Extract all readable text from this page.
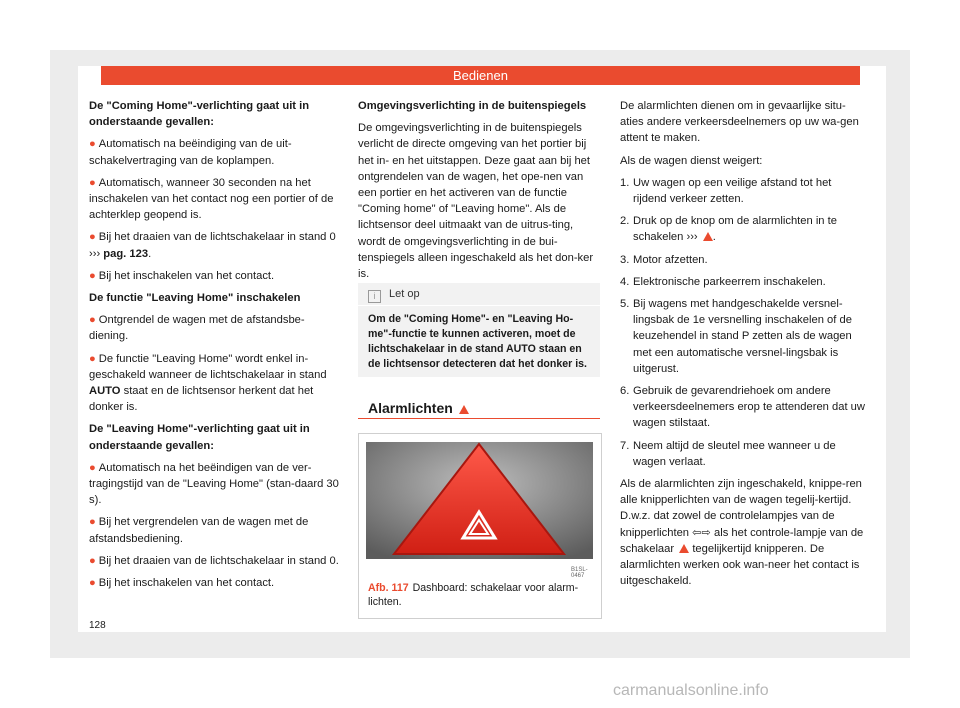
Bedienen

De "Coming Home"-verlichting gaat uit in onderstaande gevallen:

● Automatisch na beëindiging van de uit-schakelvertraging van de koplampen.

● Automatisch, wanneer 30 seconden na het inschakelen van het contact nog een portier of de achterklep geopend is.

● Bij het draaien van de lichtschakelaar in stand 0 ››› pag. 123.

● Bij het inschakelen van het contact.

De functie "Leaving Home" inschakelen

● Ontgrendel de wagen met de afstandsbe-diening.

● De functie "Leaving Home" wordt enkel in-geschakeld wanneer de lichtschakelaar in stand AUTO staat en de lichtsensor herkent dat het donker is.

De "Leaving Home"-verlichting gaat uit in onderstaande gevallen:

● Automatisch na het beëindigen van de ver-tragingstijd van de "Leaving Home" (stan-daard 30 s).

● Bij het vergrendelen van de wagen met de afstandsbediening.

● Bij het draaien van de lichtschakelaar in stand 0.

● Bij het inschakelen van het contact.

Omgevingsverlichting in de buitenspiegels

De omgevingsverlichting in de buitenspiegels verlicht de directe omgeving van het portier bij het in- en het uitstappen. Deze gaat aan bij het ontgrendelen van de wagen, het ope-nen van een portier en het activeren van de functie "Coming home" of "Leaving home". Als de lichtsensor deel uitmaakt van de uitrus-ting, wordt de omgevingsverlichting in de bui-tenspiegels alleen ingeschakeld als het don-ker is.

i Let op
Om de "Coming Home"- en "Leaving Ho-me"-functie te kunnen activeren, moet de lichtschakelaar in de stand AUTO staan en de lichtsensor detecteren dat het donker is.
Alarmlichten
B1SL-0467
Afb. 117 Dashboard: schakelaar voor alarm-lichten.

De alarmlichten dienen om in gevaarlijke situ-aties andere verkeersdeelnemers op uw wa-gen attent te maken.

Als de wagen dienst weigert:

1. Uw wagen op een veilige afstand tot het rijdend verkeer zetten.
2. Druk op de knop om de alarmlichten in te schakelen ››› .
3. Motor afzetten.
4. Elektronische parkeerrem inschakelen.
5. Bij wagens met handgeschakelde versnel-lingsbak de 1e versnelling inschakelen of de keuzehendel in stand P zetten als de wagen met een automatische versnel-lingsbak is uitgerust.
6. Gebruik de gevarendriehoek om andere verkeersdeelnemers erop te attenderen dat uw wagen stilstaat.
7. Neem altijd de sleutel mee wanneer u de wagen verlaat.

Als de alarmlichten zijn ingeschakeld, knippe-ren alle knipperlichten van de wagen tegelij-kertijd. D.w.z. dat zowel de controlelampjes van de knipperlichten ⇦⇨ als het controle-lampje van de schakelaar tegelijkertijd knipperen. De alarmlichten werken ook wan-neer het contact is uitgeschakeld.

128
carmanualsonline.info
